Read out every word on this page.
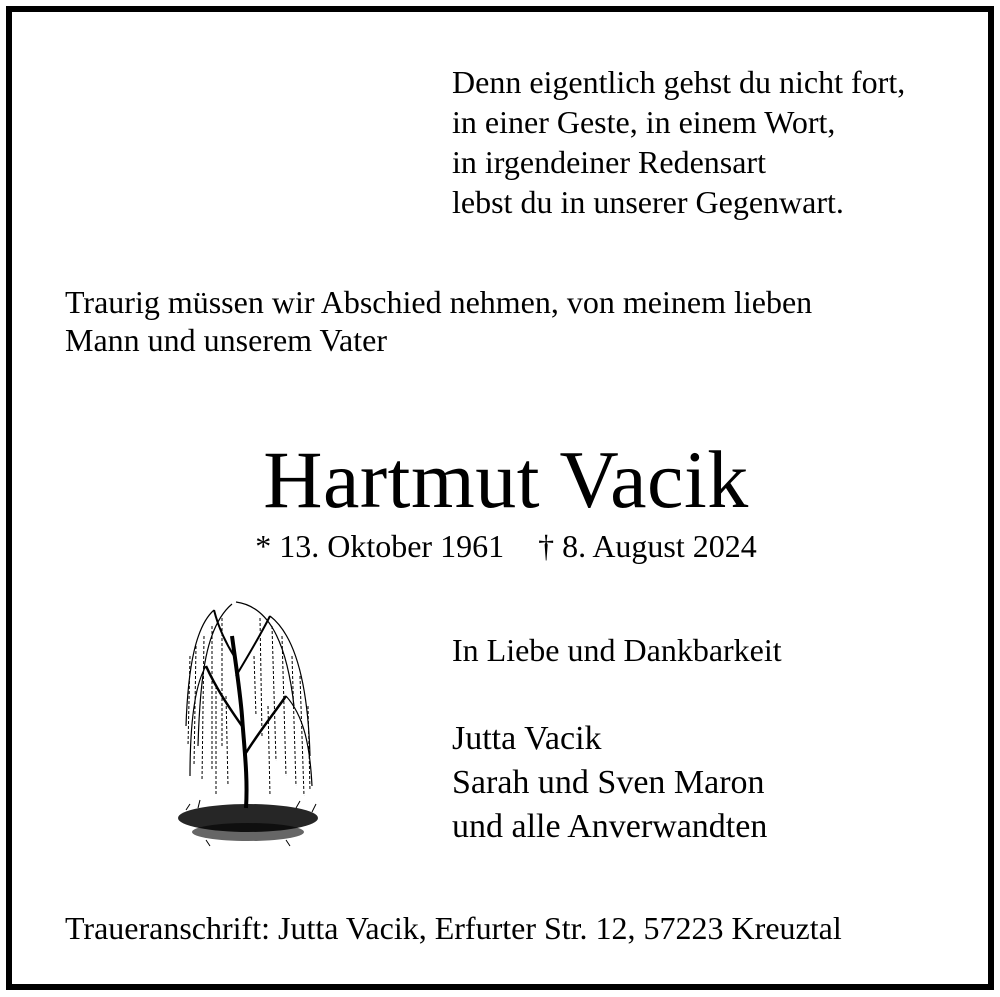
Denn eigentlich gehst du nicht fort,
in einer Geste, in einem Wort,
in irgendeiner Redensart
lebst du in unserer Gegenwart.
Traurig müssen wir Abschied nehmen, von meinem lieben
Mann und unserem Vater
Hartmut Vacik
* 13. Oktober 1961 † 8. August 2024
In Liebe und Dankbarkeit
Jutta Vacik
Sarah und Sven Maron
und alle Anverwandten
Traueranschrift: Jutta Vacik, Erfurter Str. 12, 57223 Kreuztal
